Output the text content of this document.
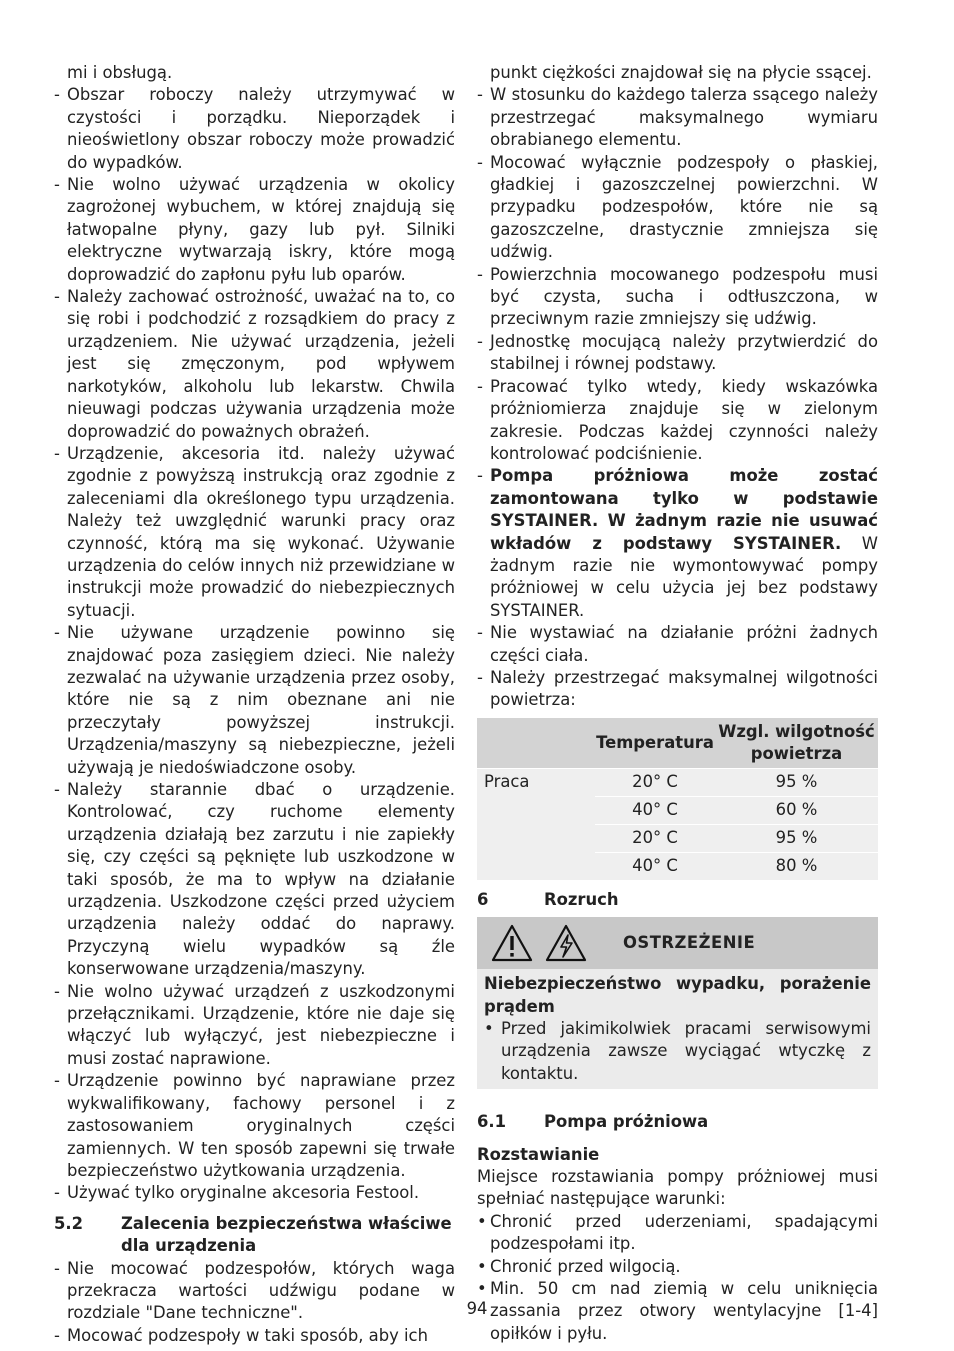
mi i obsługą.

- Obszar roboczy należy utrzymywać w czystości i porządku. Nieporządek i nieoświetlony obszar roboczy może prowadzić do wypadków.
- Nie wolno używać urządzenia w okolicy zagrożonej wybuchem, w której znajdują się łatwopalne płyny, gazy lub pył. Silniki elektryczne wytwarzają iskry, które mogą doprowadzić do zapłonu pyłu lub oparów.
- Należy zachować ostrożność, uważać na to, co się robi i podchodzić z rozsądkiem do pracy z urządzeniem. Nie używać urządzenia, jeżeli jest się zmęczonym, pod wpływem narkotyków, alkoholu lub lekarstw. Chwila nieuwagi podczas używania urządzenia może doprowadzić do poważnych obrażeń.
- Urządzenie, akcesoria itd. należy używać zgodnie z powyższą instrukcją oraz zgodnie z zaleceniami dla określonego typu urządzenia. Należy też uwzględnić warunki pracy oraz czynność, którą ma się wykonać. Używanie urządzenia do celów innych niż przewidziane w instrukcji może prowadzić do niebezpiecznych sytuacji.
- Nie używane urządzenie powinno się znajdować poza zasięgiem dzieci. Nie należy zezwalać na używanie urządzenia przez osoby, które nie są z nim obeznane ani nie przeczytały powyższej instrukcji. Urządzenia/maszyny są niebezpieczne, jeżeli używają je niedoświadczone osoby.
- Należy starannie dbać o urządzenie. Kontrolować, czy ruchome elementy urządzenia działają bez zarzutu i nie zapiekły się, czy części są pęknięte lub uszkodzone w taki sposób, że ma to wpływ na działanie urządzenia. Uszkodzone części przed użyciem urządzenia należy oddać do naprawy. Przyczyną wielu wypadków są źle konserwowane urządzenia/maszyny.
- Nie wolno używać urządzeń z uszkodzonymi przełącznikami. Urządzenie, które nie daje się włączyć lub wyłączyć, jest niebezpieczne i musi zostać naprawione.
- Urządzenie powinno być naprawiane przez wykwalifikowany, fachowy personel i z zastosowaniem oryginalnych części zamiennych. W ten sposób zapewni się trwałe bezpieczeństwo użytkowania urządzenia.
- Używać tylko oryginalne akcesoria Festool.
5.2	Zalecenia bezpieczeństwa właściwe dla urządzenia
- Nie mocować podzespołów, których waga przekracza wartości udźwigu podane w rozdziale "Dane techniczne".
- Mocować podzespoły w taki sposób, aby ich

punkt ciężkości znajdował się na płycie ssącej.

- W stosunku do każdego talerza ssącego należy przestrzegać maksymalnego wymiaru obrabianego elementu.
- Mocować wyłącznie podzespoły o płaskiej, gładkiej i gazoszczelnej powierzchni. W przypadku podzespołów, które nie są gazoszczelne, drastycznie zmniejsza się udźwig.
- Powierzchnia mocowanego podzespołu musi być czysta, sucha i odtłuszczona, w przeciwnym razie zmniejszy się udźwig.
- Jednostkę mocującą należy przytwierdzić do stabilnej i równej podstawy.
- Pracować tylko wtedy, kiedy wskazówka próżniomierza znajduje się w zielonym zakresie. Podczas każdej czynności należy kontrolować podciśnienie.
- Pompa próżniowa może zostać zamontowana tylko w podstawie SYSTAINER. W żadnym razie nie usuwać wkładów z podstawy SYSTAINER. W żadnym razie nie wymontowywać pompy próżniowej w celu użycia jej bez podstawy SYSTAINER.
- Nie wystawiać na działanie próżni żadnych części ciała.
- Należy przestrzegać maksymalnej wilgotności powietrza:
	Temperatura	Wzgl. wilgotność powietrza
Praca	20° C	95 %
	40° C	60 %
	20° C	95 %
	40° C	80 %
6	Rozruch
OSTRZEŻENIE
Niebezpieczeństwo wypadku, porażenie prądem
• Przed jakimikolwiek pracami serwisowymi urządzenia zawsze wyciągać wtyczkę z kontaktu.
6.1	Pompa próżniowa
Rozstawianie

Miejsce rozstawiania pompy próżniowej musi spełniać następujące warunki:

• Chronić przed uderzeniami, spadającymi podzespołami itp.
• Chronić przed wilgocią.
• Min. 50 cm nad ziemią w celu uniknięcia zassania przez otwory wentylacyjne [1-4] opiłków i pyłu.
94
